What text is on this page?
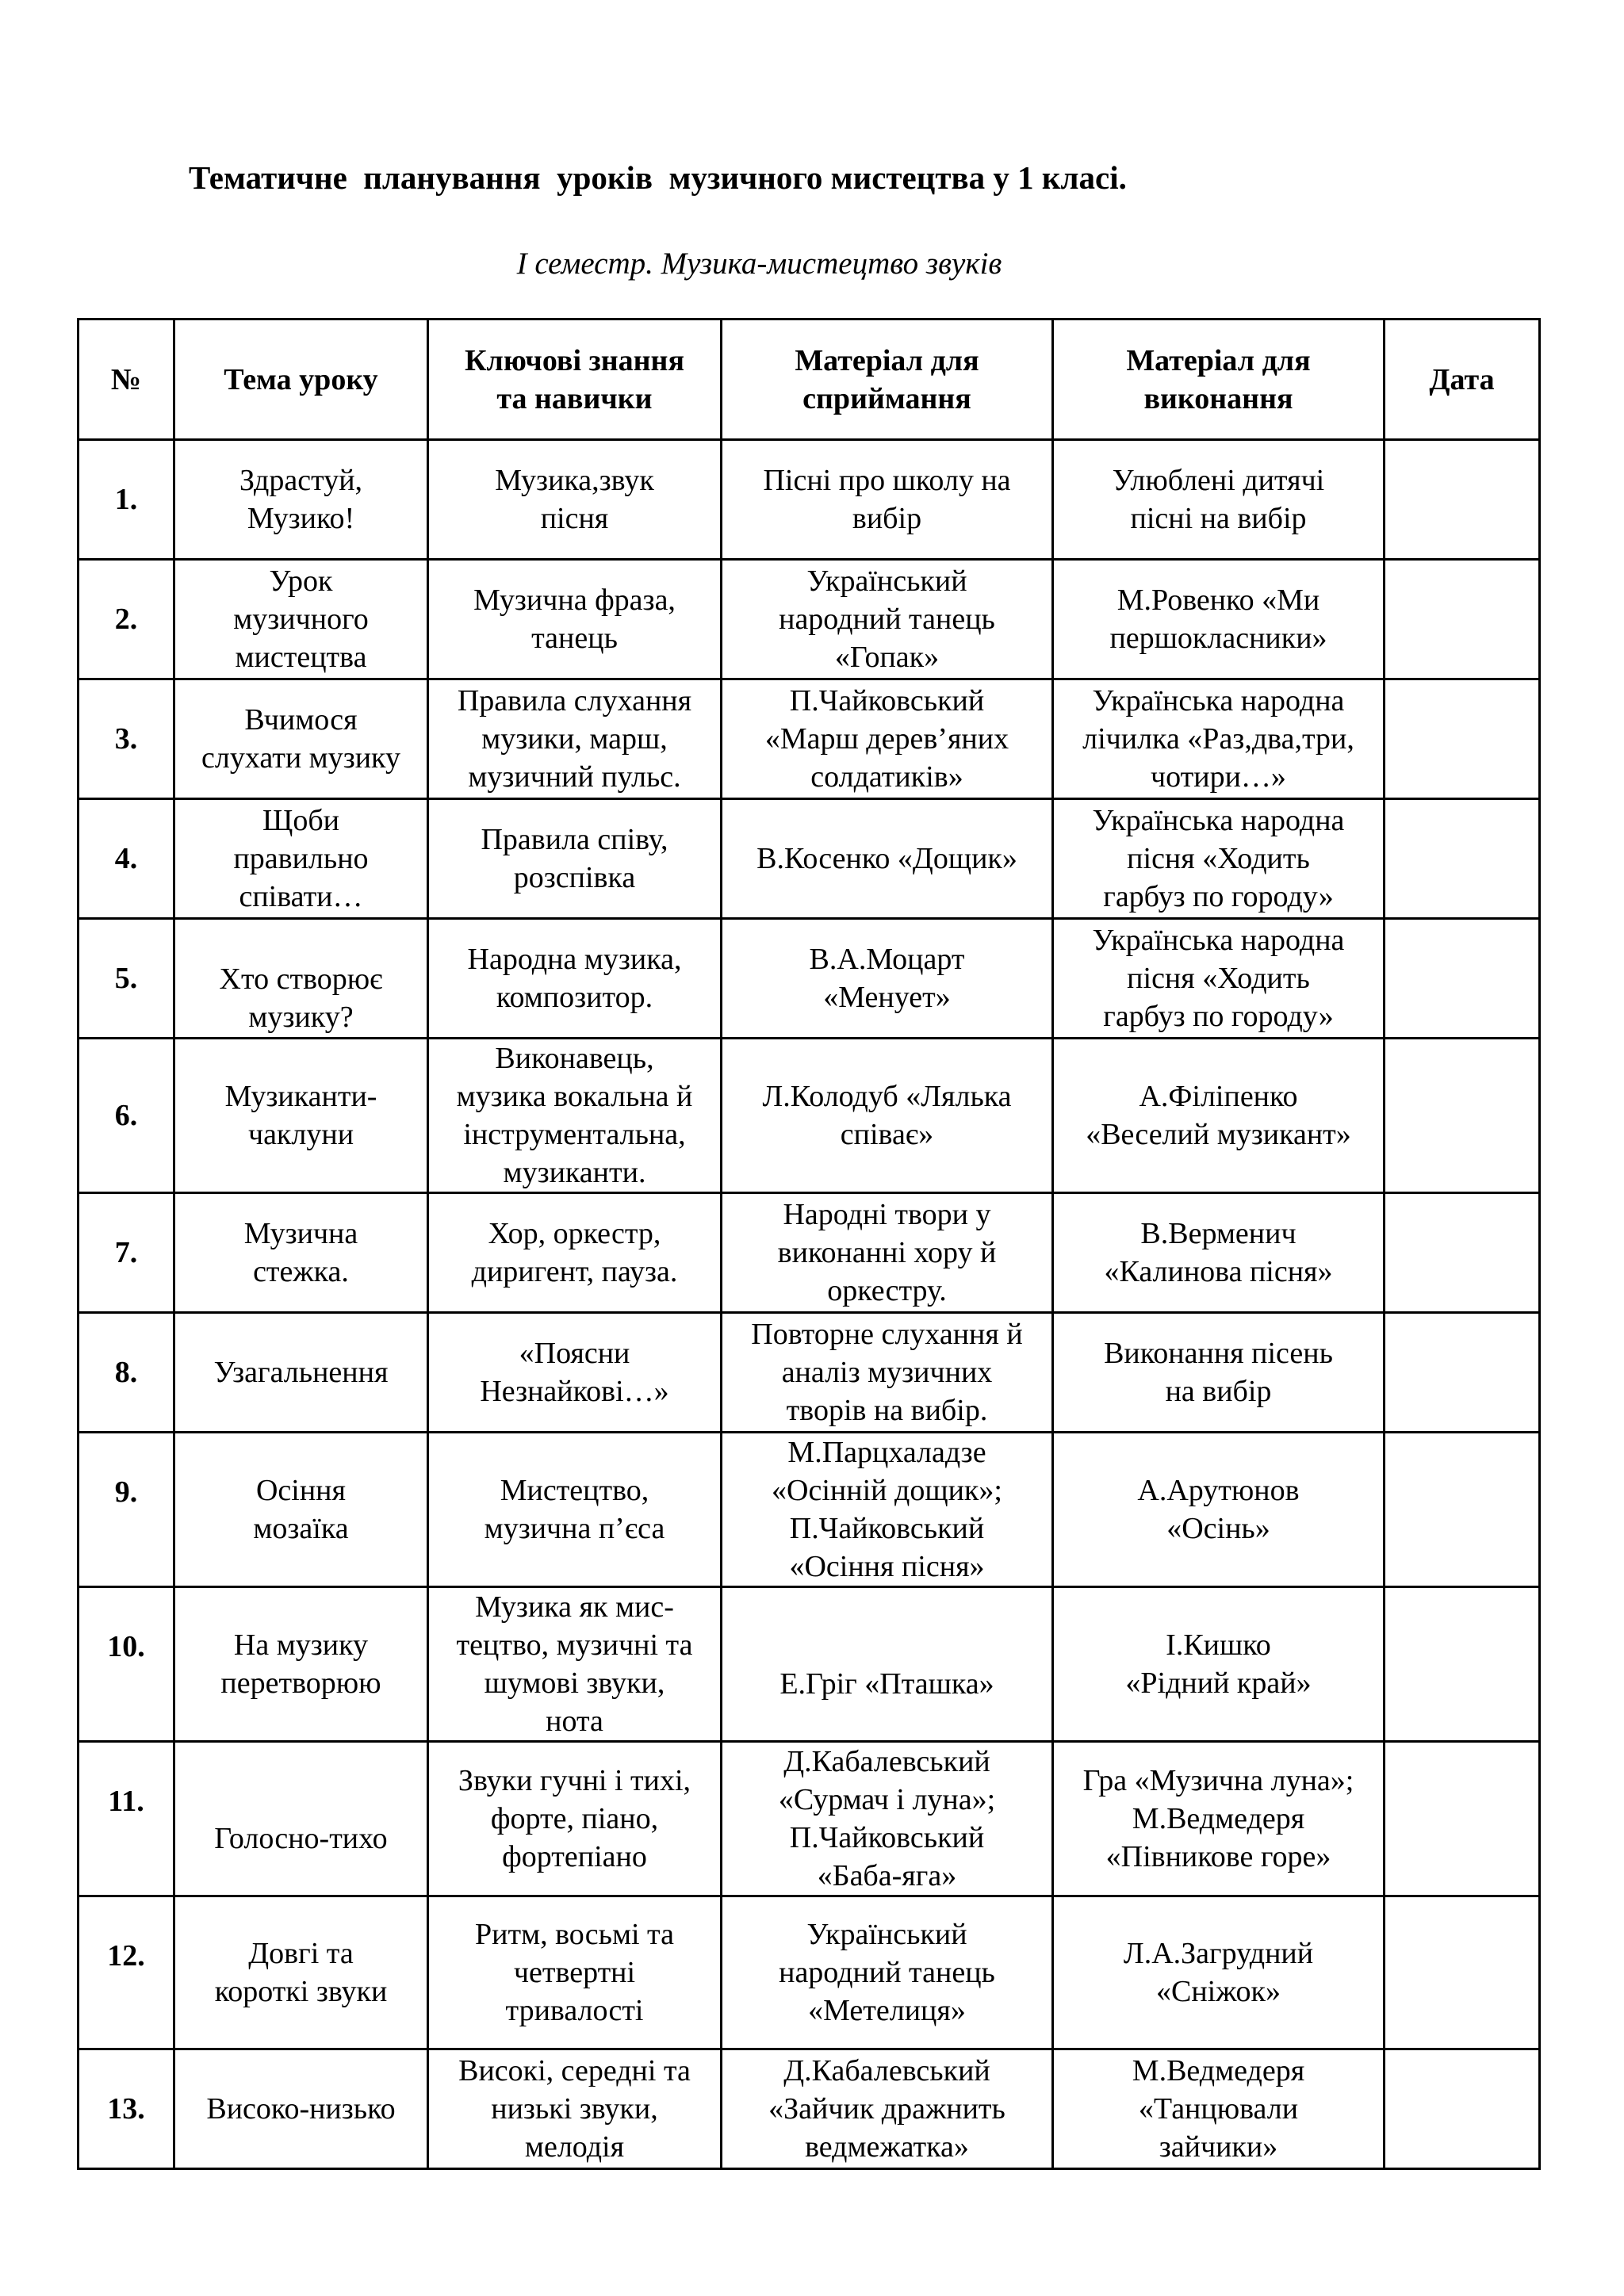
Тематичне  планування  уроків  музичного мистецтва у 1 класі.

І семестр. Музика-мистецтво звуків

№	Тема уроку	Ключові знання
та навички	Матеріал для
сприймання	Матеріал для
виконання	Дата
1.	Здрастуй,
Музико!	Музика,звук
пісня	Пісні про школу на
вибір	Улюблені дитячі
пісні на вибір	
2.	Урок
музичного
мистецтва	Музична фраза,
танець	Український
народний танець
«Гопак»	М.Ровенко «Ми
першокласники»	
3.	Вчимося
слухати музику	Правила слухання
музики, марш,
музичний пульс.	П.Чайковський
«Марш дерев’яних
солдатиків»	Українська народна
лічилка «Раз,два,три,
чотири…»	
4.	Щоби
правильно
співати…	Правила співу,
розспівка	В.Косенко «Дощик»	Українська народна
пісня «Ходить
гарбуз по городу»	
5.	Хто створює
музику?	Народна музика,
композитор.	В.А.Моцарт
«Менует»	Українська народна
пісня «Ходить
гарбуз по городу»	
6.	Музиканти-
чаклуни	Виконавець,
музика вокальна й
інструментальна,
музиканти.	Л.Колодуб «Лялька
співає»	А.Філіпенко
«Веселий музикант»	
7.	Музична
стежка.	Хор, оркестр,
диригент, пауза.	Народні твори у
виконанні хору й
оркестру.	В.Верменич
«Калинова пісня»	
8.	Узагальнення	«Поясни
Незнайкові…»	Повторне слухання й
аналіз музичних
творів на вибір.	Виконання пісень
на вибір	
9.	Осіння
мозаїка	Мистецтво,
музична п’єса	М.Парцхаладзе
«Осінній дощик»;
П.Чайковський
«Осіння пісня»	А.Арутюнов
«Осінь»	
10.	На музику
перетворюю	Музика як мис-
тецтво, музичні та
шумові звуки,
нота	Е.Гріг «Пташка»	І.Кишко
«Рідний край»	
11.	Голосно-тихо	Звуки гучні і тихі,
форте, піано,
фортепіано	Д.Кабалевський
«Сурмач і луна»;
П.Чайковський
«Баба-яга»	Гра «Музична луна»;
М.Ведмедеря
«Півникове горе»	
12.	Довгі та
короткі звуки	Ритм, восьмі та
четвертні
тривалості	Український
народний танець
«Метелиця»	Л.А.Загрудний
«Сніжок»	
13.	Високо-низько	Високі, середні та
низькі звуки,
мелодія	Д.Кабалевський
«Зайчик дражнить
ведмежатка»	М.Ведмедеря
«Танцювали
зайчики»	
